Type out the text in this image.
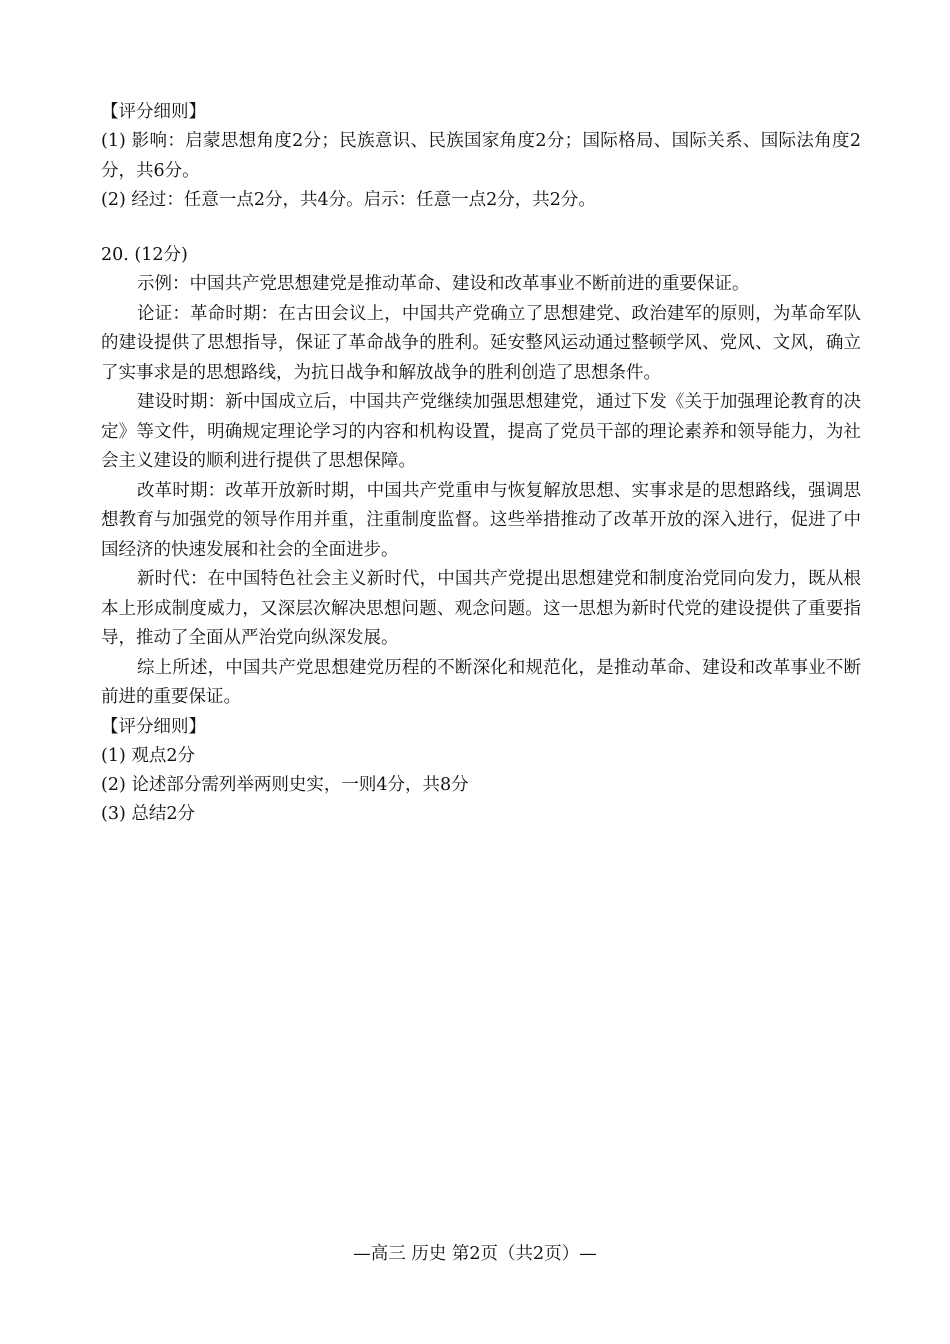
【评分细则】

(1) 影响：启蒙思想角度2分；民族意识、民族国家角度2分；国际格局、国际关系、国际法角度2分，共6分。

(2) 经过：任意一点2分，共4分。启示：任意一点2分，共2分。
20. (12分)

示例：中国共产党思想建党是推动革命、建设和改革事业不断前进的重要保证。

论证：革命时期：在古田会议上，中国共产党确立了思想建党、政治建军的原则，为革命军队的建设提供了思想指导，保证了革命战争的胜利。延安整风运动通过整顿学风、党风、文风，确立了实事求是的思想路线，为抗日战争和解放战争的胜利创造了思想条件。

建设时期：新中国成立后，中国共产党继续加强思想建党，通过下发《关于加强理论教育的决定》等文件，明确规定理论学习的内容和机构设置，提高了党员干部的理论素养和领导能力，为社会主义建设的顺利进行提供了思想保障。

改革时期：改革开放新时期，中国共产党重申与恢复解放思想、实事求是的思想路线，强调思想教育与加强党的领导作用并重，注重制度监督。这些举措推动了改革开放的深入进行，促进了中国经济的快速发展和社会的全面进步。

新时代：在中国特色社会主义新时代，中国共产党提出思想建党和制度治党同向发力，既从根本上形成制度威力，又深层次解决思想问题、观念问题。这一思想为新时代党的建设提供了重要指导，推动了全面从严治党向纵深发展。

综上所述，中国共产党思想建党历程的不断深化和规范化，是推动革命、建设和改革事业不断前进的重要保证。

【评分细则】
(1) 观点2分
(2) 论述部分需列举两则史实，一则4分，共8分
(3) 总结2分
—高三 历史 第2页（共2页）—
